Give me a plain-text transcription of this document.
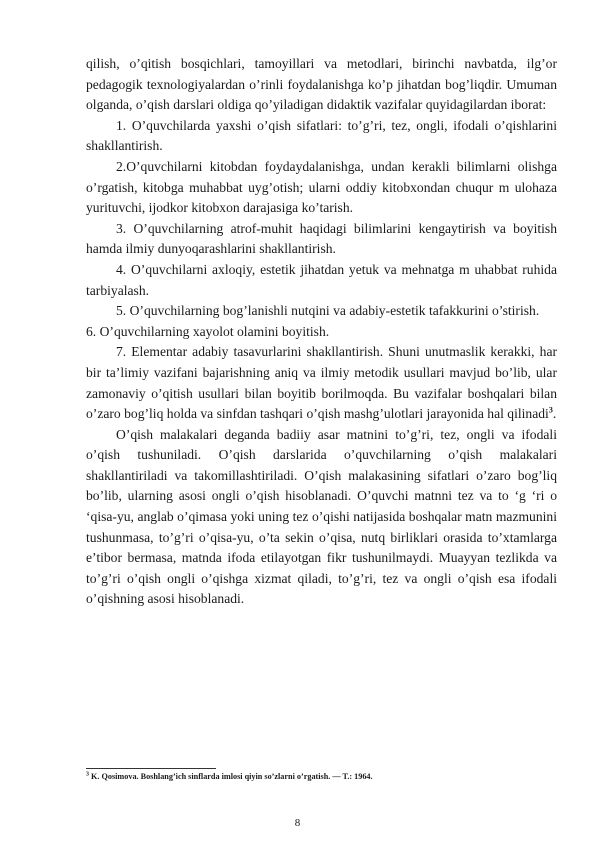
qilish, o’qitish bosqichlari, tamoyillari va metodlari, birinchi navbatda, ilg’or pedagogik texnologiyalardan o’rinli foydalanishga ko’p jihatdan bog’liqdir. Umuman olganda, o’qish darslari oldiga qo’yiladigan didaktik vazifalar quyidagilardan iborat:

1. O’quvchilarda yaxshi o’qish sifatlari: to’g’ri, tez, ongli, ifodali o’qishlarini shakllantirish.

2.O’quvchilarni kitobdan foydaydalanishga, undan kerakli bilimlarni olishga o’rgatish, kitobga muhabbat uyg’otish; ularni oddiy kitobxondan chuqur m ulohaza yurituvchi, ijodkor kitobxon darajasiga ko’tarish.

3. O’quvchilarning atrof-muhit haqidagi bilimlarini kengaytirish va boyitish hamda ilmiy dunyoqarashlarini shakllantirish.

4. O’quvchilarni axloqiy, estetik jihatdan yetuk va mehnatga m uhabbat ruhida tarbiyalash.

5. O’quvchilarning bog’lanishli nutqini va adabiy-estetik tafakkurini o’stirish.

6. O’quvchilarning xayolot olamini boyitish.

7. Elementar adabiy tasavurlarini shakllantirish. Shuni unutmaslik kerakki, har bir ta’limiy vazifani bajarishning aniq va ilmiy metodik usullari mavjud bo’lib, ular zamonaviy o’qitish usullari bilan boyitib borilmoqda. Bu vazifalar boshqalari bilan o’zaro bog’liq holda va sinfdan tashqari o’qish mashg’ulotlari jarayonida hal qilinadi$^3$.

O’qish malakalari deganda badiiy asar matnini to’g’ri, tez, ongli va ifodali o’qish tushuniladi. O’qish darslarida o’quvchilarning o’qish malakalari shakllantiriladi va takomillashtiriladi. O’qish malakasining sifatlari o’zaro bog’liq bo’lib, ularning asosi ongli o’qish hisoblanadi. O’quvchi matnni tez va to ‘g ‘ri o ‘qisa-yu, anglab o’qimasa yoki uning tez o’qishi natijasida boshqalar matn mazmunini tushunmasa, to’g’ri o’qisa-yu, o’ta sekin o’qisa, nutq birliklari orasida to’xtamlarga e’tibor bermasa, matnda ifoda etilayotgan fikr tushunilmaydi. Muayyan tezlikda va to’g’ri o’qish ongli o’qishga xizmat qiladi, to’g’ri, tez va ongli o’qish esa ifodali o’qishning asosi hisoblanadi.

$^3$ K. Qosimova. Boshlang’ich sinflarda imlosi qiyin so’zlarni o’rgatish. — T.: 1964.
8
